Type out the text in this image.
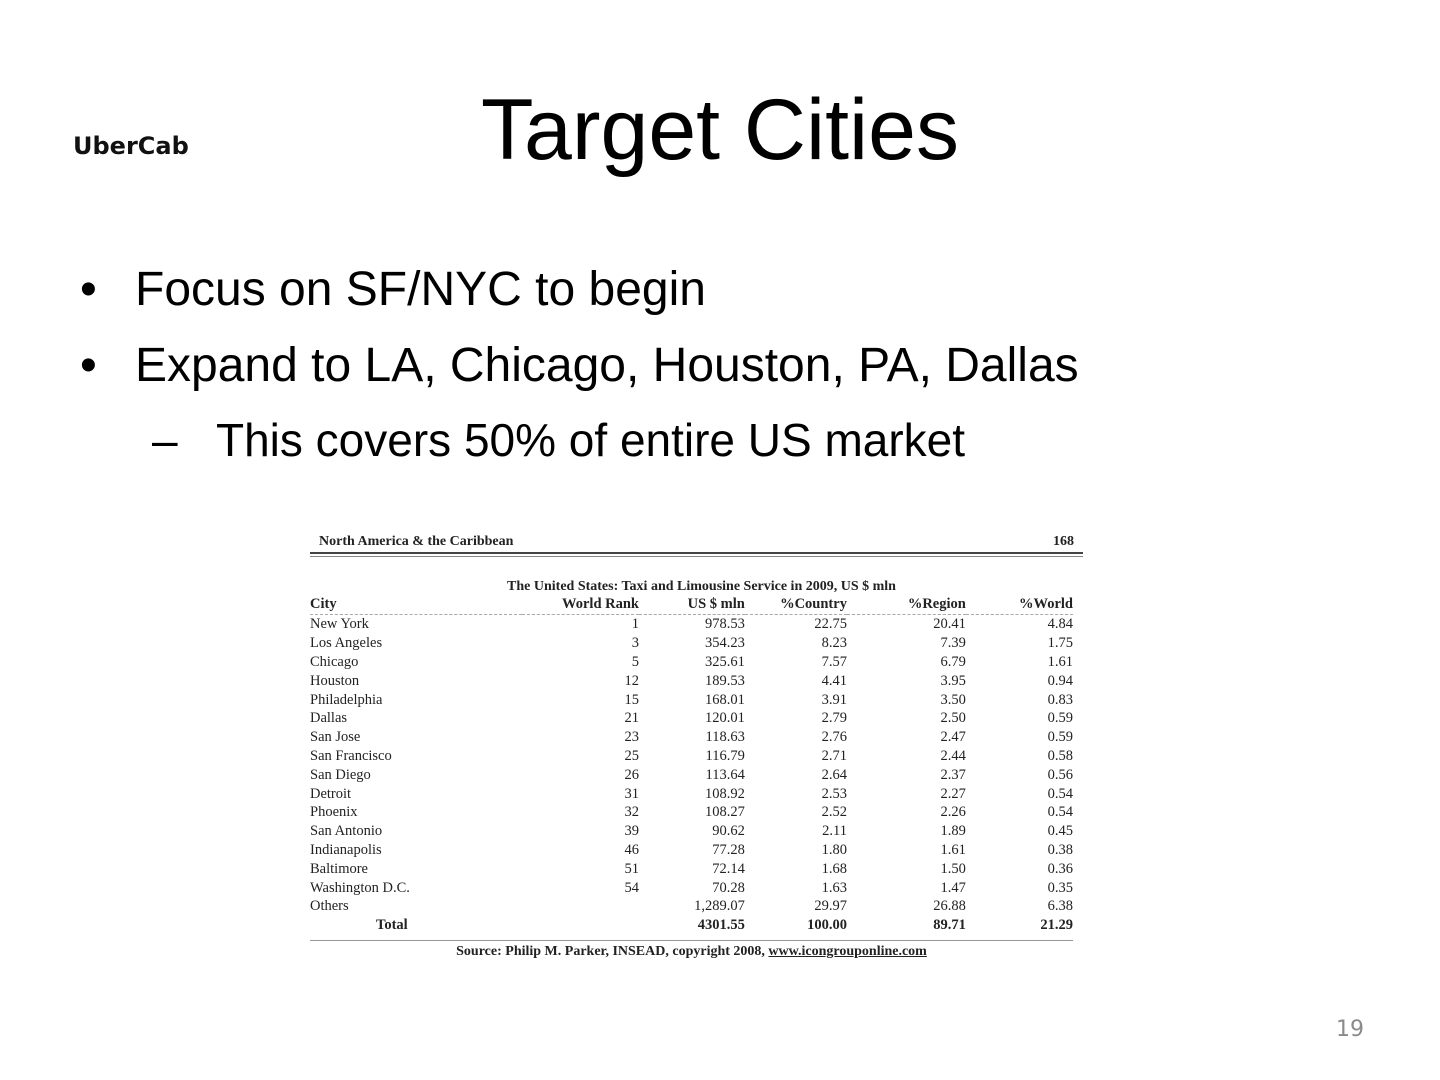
UberCab	Target Cities
• Focus on SF/NYC to begin
• Expand to LA, Chicago, Houston, PA, Dallas
– This covers 50% of entire US market
North America & the Caribbean	168
The United States: Taxi and Limousine Service in 2009, US $ mln
City	World Rank	US $ mln	%Country	%Region	%World
New York	1	978.53	22.75	20.41	4.84
Los Angeles	3	354.23	8.23	7.39	1.75
Chicago	5	325.61	7.57	6.79	1.61
Houston	12	189.53	4.41	3.95	0.94
Philadelphia	15	168.01	3.91	3.50	0.83
Dallas	21	120.01	2.79	2.50	0.59
San Jose	23	118.63	2.76	2.47	0.59
San Francisco	25	116.79	2.71	2.44	0.58
San Diego	26	113.64	2.64	2.37	0.56
Detroit	31	108.92	2.53	2.27	0.54
Phoenix	32	108.27	2.52	2.26	0.54
San Antonio	39	90.62	2.11	1.89	0.45
Indianapolis	46	77.28	1.80	1.61	0.38
Baltimore	51	72.14	1.68	1.50	0.36
Washington D.C.	54	70.28	1.63	1.47	0.35
Others		1,289.07	29.97	26.88	6.38
Total		4301.55	100.00	89.71	21.29
Source: Philip M. Parker, INSEAD, copyright 2008, www.icongrouponline.com
19
